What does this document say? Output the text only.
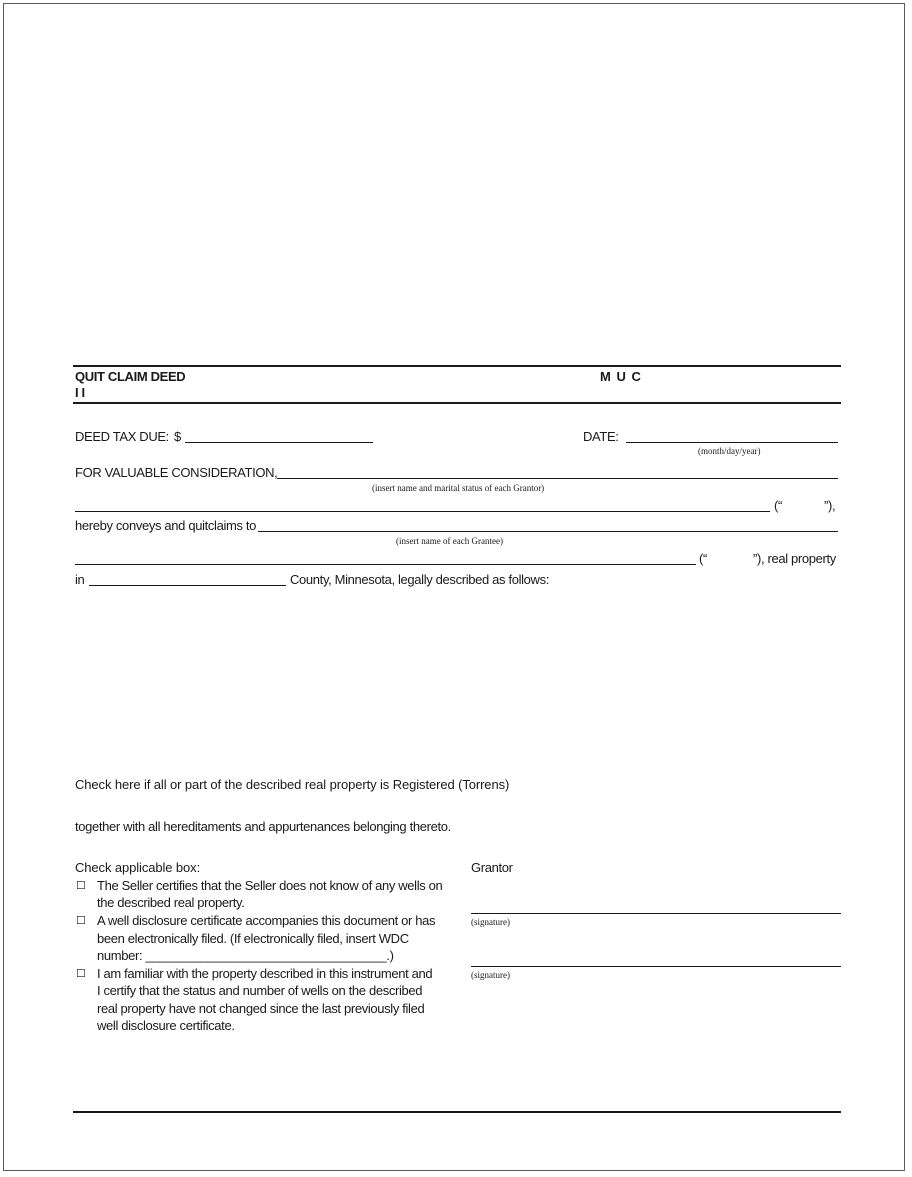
QUIT CLAIM DEED
I I
M U C
DEED TAX DUE: $	DATE:
(month/day/year)
FOR VALUABLE CONSIDERATION,
(insert name and marital status of each Grantor)
(“	”),
hereby conveys and quitclaims to
(insert name of each Grantee)
(“	”), real property
in	County, Minnesota, legally described as follows:
Check here if all or part of the described real property is Registered (Torrens)
together with all hereditaments and appurtenances belonging thereto.
Check applicable box:
☐ The Seller certifies that the Seller does not know of any wells on
the described real property.
☐ A well disclosure certificate accompanies this document or has
been electronically filed. (If electronically filed, insert WDC
number: ___________________________________.)
☐ I am familiar with the property described in this instrument and
I certify that the status and number of wells on the described
real property have not changed since the last previously filed
well disclosure certificate.
Grantor
(signature)
(signature)
